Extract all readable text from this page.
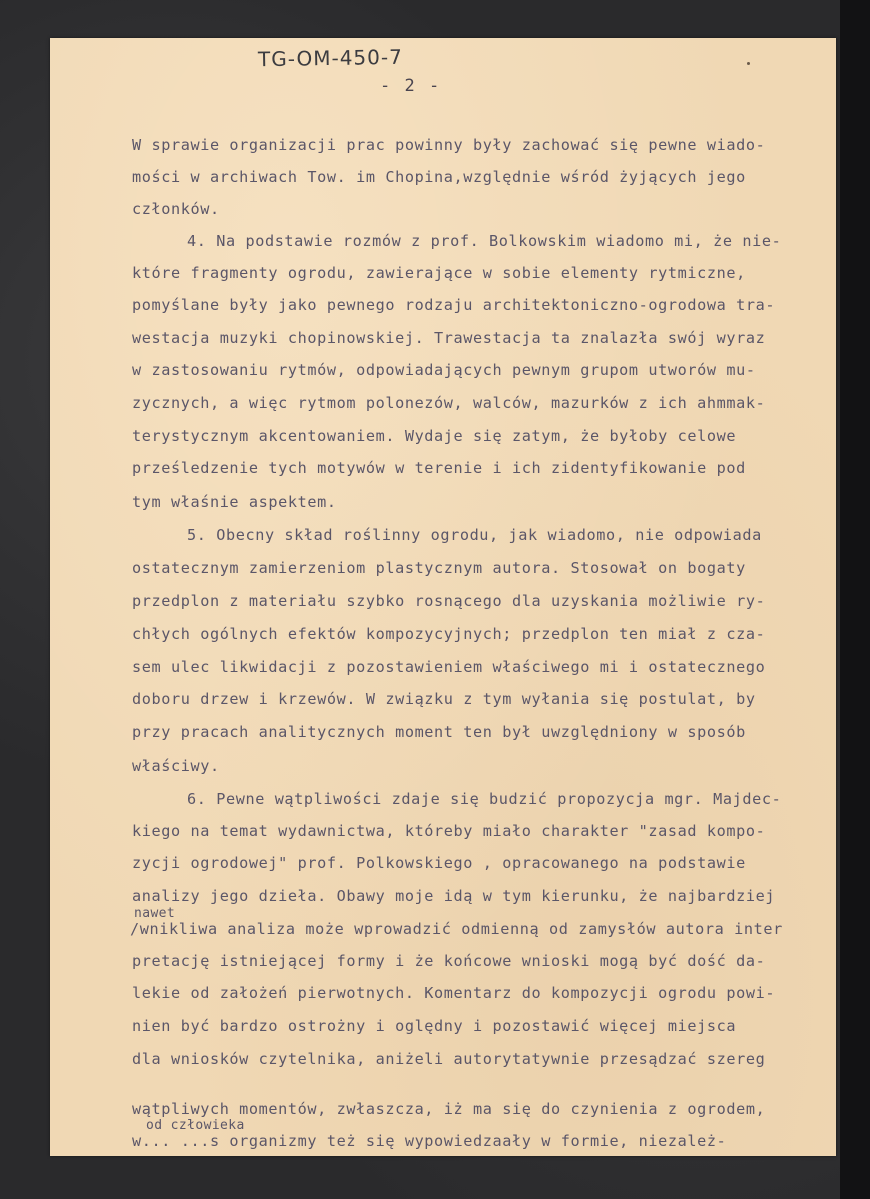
TG-OM-450-7
- 2 -
W sprawie organizacji prac powinny były zachować się pewne wiado-
mości w archiwach Tow. im Chopina,względnie wśród żyjących jego
członków.
4. Na podstawie rozmów z prof. Bolkowskim wiadomo mi, że nie-
które fragmenty ogrodu, zawierające w sobie elementy rytmiczne,
pomyślane były jako pewnego rodzaju architektoniczno-ogrodowa tra-
westacja muzyki chopinowskiej. Trawestacja ta znalazła swój wyraz
w zastosowaniu rytmów, odpowiadających pewnym grupom utworów mu-
zycznych, a więc rytmom polonezów, walców, mazurków z ich ahmmak-
terystycznym akcentowaniem. Wydaje się zatym, że byłoby celowe
prześledzenie tych motywów w terenie i ich zidentyfikowanie pod
tym właśnie aspektem.
5. Obecny skład roślinny ogrodu, jak wiadomo, nie odpowiada
ostatecznym zamierzeniom plastycznym autora. Stosował on bogaty
przedplon z materiału szybko rosnącego dla uzyskania możliwie ry-
chłych ogólnych efektów kompozycyjnych; przedplon ten miał z cza-
sem ulec likwidacji z pozostawieniem właściwego mi i ostatecznego
doboru drzew i krzewów. W związku z tym wyłania się postulat, by
przy pracach analitycznych moment ten był uwzględniony w sposób
właściwy.
6. Pewne wątpliwości zdaje się budzić propozycja mgr. Majdec-
kiego na temat wydawnictwa, któreby miało charakter "zasad kompo-
zycji ogrodowej" prof. Polkowskiego , opracowanego na podstawie
analizy jego dzieła. Obawy moje idą w tym kierunku, że najbardziej
nawet
/wnikliwa analiza może wprowadzić odmienną od zamysłów autora inter
pretację istniejącej formy i że końcowe wnioski mogą być dość da-
lekie od założeń pierwotnych. Komentarz do kompozycji ogrodu powi-
nien być bardzo ostrożny i oględny i pozostawić więcej miejsca
dla wniosków czytelnika, aniżeli autorytatywnie przesądzać szereg
wątpliwych momentów, zwłaszcza, iż ma się do czynienia z ogrodem,
od człowieka
w... ...s organizmy też się wypowiedzaały w formie, niezależ-
